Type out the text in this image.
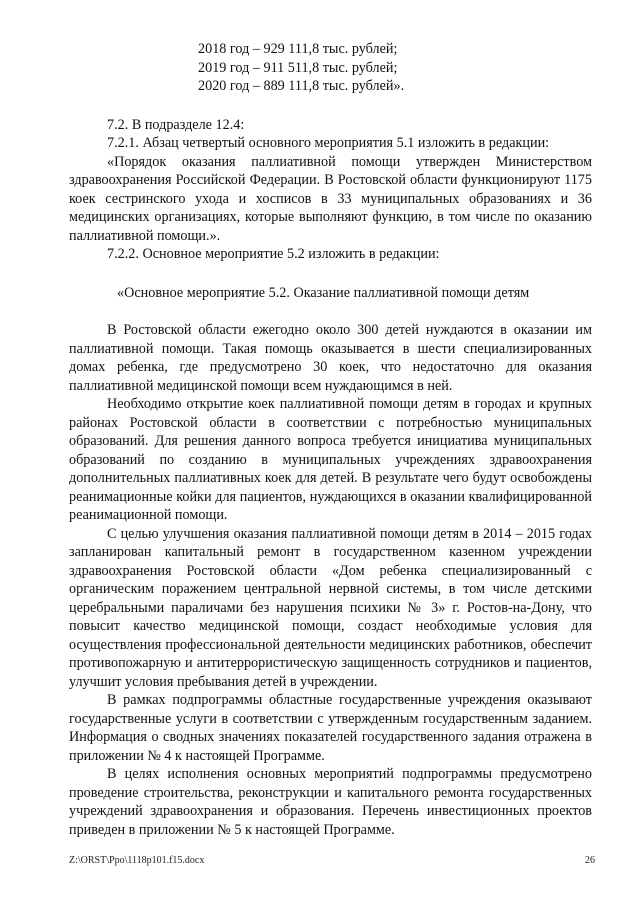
2018 год – 929 111,8 тыс. рублей;

2019 год – 911 511,8 тыс. рублей;

2020 год – 889 111,8 тыс. рублей».

7.2. В подразделе 12.4:

7.2.1. Абзац четвертый основного мероприятия 5.1 изложить в редакции:

«Порядок оказания паллиативной помощи утвержден Министерством здравоохранения Российской Федерации. В Ростовской области функционируют 1175 коек сестринского ухода и хосписов в 33 муниципальных образованиях и 36 медицинских организациях, которые выполняют функцию, в том числе по оказанию паллиативной помощи.».

7.2.2. Основное мероприятие 5.2 изложить в редакции:

«Основное мероприятие 5.2. Оказание паллиативной помощи детям

В Ростовской области ежегодно около 300 детей нуждаются в оказании им паллиативной помощи. Такая помощь оказывается в шести специализированных домах ребенка, где предусмотрено 30 коек, что недостаточно для оказания паллиативной медицинской помощи всем нуждающимся в ней.

Необходимо открытие коек паллиативной помощи детям в городах и крупных районах Ростовской области в соответствии с потребностью муниципальных образований. Для решения данного вопроса требуется инициатива муниципальных образований по созданию в муниципальных учреждениях здравоохранения дополнительных паллиативных коек для детей. В результате чего будут освобождены реанимационные койки для пациентов, нуждающихся в оказании квалифицированной реанимационной помощи.

С целью улучшения оказания паллиативной помощи детям в 2014 – 2015 годах запланирован капитальный ремонт в государственном казенном учреждении здравоохранения Ростовской области «Дом ребенка специализированный с органическим поражением центральной нервной системы, в том числе детскими церебральными параличами без нарушения психики № 3» г. Ростов-на-Дону, что повысит качество медицинской помощи, создаст необходимые условия для осуществления профессиональной деятельности медицинских работников, обеспечит противопожарную и антитеррористическую защищенность сотрудников и пациентов, улучшит условия пребывания детей в учреждении.

В рамках подпрограммы областные государственные учреждения оказывают государственные услуги в соответствии с утвержденным государственным заданием. Информация о сводных значениях показателей государственного задания отражена в приложении № 4 к настоящей Программе.

В целях исполнения основных мероприятий подпрограммы предусмотрено проведение строительства, реконструкции и капитального ремонта государственных учреждений здравоохранения и образования. Перечень инвестиционных проектов приведен в приложении № 5 к настоящей Программе.

Z:\ORST\Ppo\1118p101.f15.docx	26
